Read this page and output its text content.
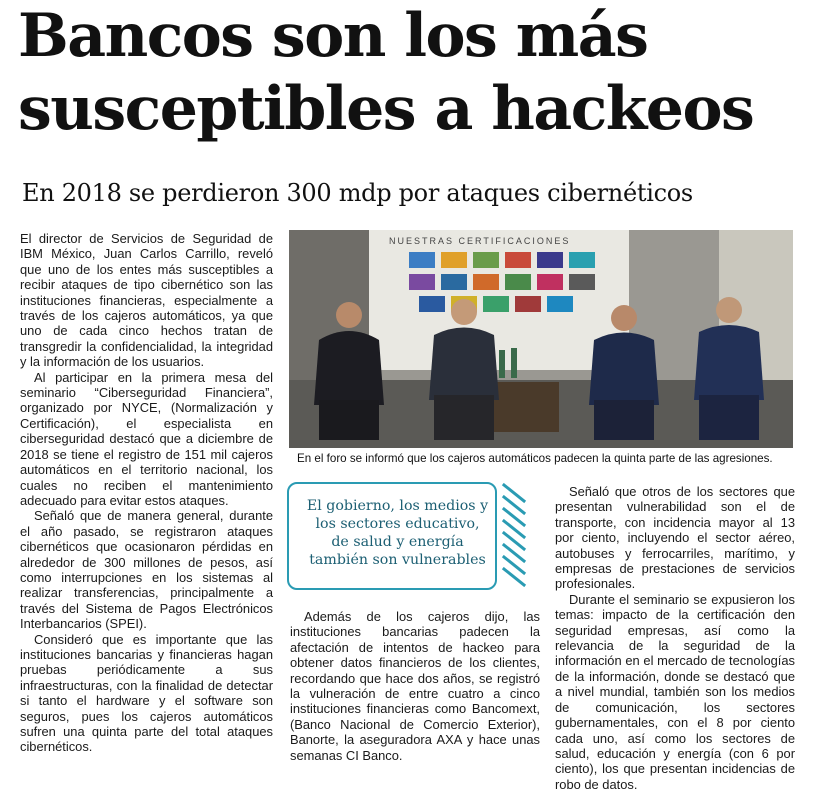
Bancos son los más
susceptibles a hackeos
En 2018 se perdieron 300 mdp por ataques cibernéticos

El director de Servicios de Seguridad de IBM México, Juan Carlos Carrillo, reveló que uno de los entes más susceptibles a recibir ataques de tipo cibernético son las instituciones financieras, especialmente a través de los cajeros automáticos, ya que uno de cada cinco hechos tratan de transgredir la confidencialidad, la integridad y la información de los usuarios.

Al participar en la primera mesa del seminario “Ciberseguridad Financiera”, organizado por NYCE, (Normalización y Certificación), el especialista en ciberseguridad destacó que a diciembre de 2018 se tiene el registro de 151 mil cajeros automáticos en el territorio nacional, los cuales no reciben el mantenimiento adecuado para evitar estos ataques.

Señaló que de manera general, durante el año pasado, se registraron ataques cibernéticos que ocasionaron pérdidas en alrededor de 300 millones de pesos, así como interrupciones en los sistemas al realizar transferencias, principalmente a través del Sistema de Pagos Electrónicos Interbancarios (SPEI).

Consideró que es importante que las instituciones bancarias y financieras hagan pruebas periódicamente a sus infraestructuras, con la finalidad de detectar si tanto el hardware y el software son seguros, pues los cajeros automáticos sufren una quinta parte del total ataques cibernéticos.

NUESTRAS CERTIFICACIONES
En el foro se informó que los cajeros automáticos padecen la quinta parte de las agresiones.
El gobierno, los medios y los sectores educativo, de salud y energía también son vulnerables

Además de los cajeros dijo, las instituciones bancarias padecen la afectación de intentos de hackeo para obtener datos financieros de los clientes, recordando que hace dos años, se registró la vulneración de entre cuatro a cinco instituciones financieras como Bancomext, (Banco Nacional de Comercio Exterior), Banorte, la aseguradora AXA y hace unas semanas CI Banco.

Señaló que otros de los sectores que presentan vulnerabilidad son el de transporte, con incidencia mayor al 13 por ciento, incluyendo el sector aéreo, autobuses y ferrocarriles, marítimo, y empresas de prestaciones de servicios profesionales.

Durante el seminario se expusieron los temas: impacto de la certificación den seguridad empresas, así como la relevancia de la seguridad de la información en el mercado de tecnologías de la información, donde se destacó que a nivel mundial, también son los medios de comunicación, los sectores gubernamentales, con el 8 por ciento cada uno, así como los sectores de salud, educación y energía (con 6 por ciento), los que presentan incidencias de robo de datos.
